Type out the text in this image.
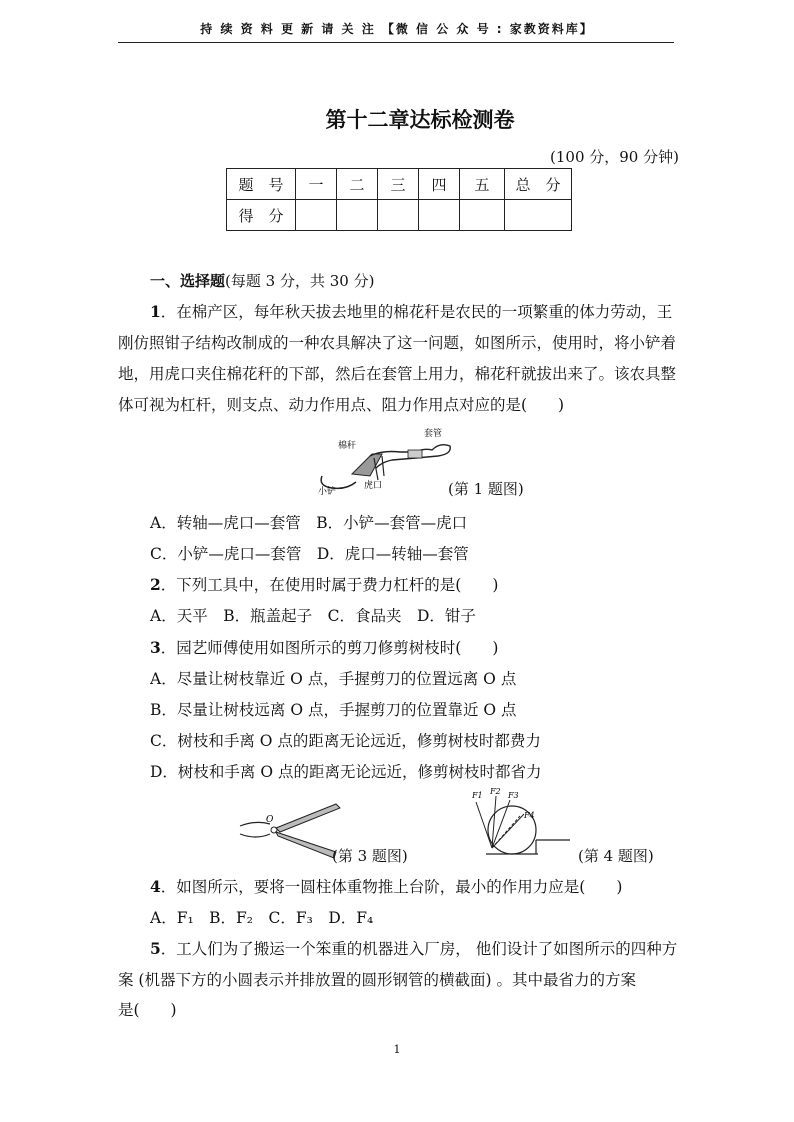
持 续 资 料 更 新 请 关 注 【微 信 公 众 号 : 家教资料库】
第十二章达标检测卷
(100 分，90 分钟)
题　号	一	二	三	四	五	总　分
得　分						
一、选择题(每题 3 分，共 30 分)
1．在棉产区，每年秋天拔去地里的棉花秆是农民的一项繁重的体力劳动，王刚仿照钳子结构改制成的一种农具解决了这一问题，如图所示，使用时，将小铲着地，用虎口夹住棉花秆的下部，然后在套管上用力，棉花秆就拔出来了。该农具整体可视为杠杆，则支点、动力作用点、阻力作用点对应的是(　　)
棉秆
套管
小铲
虎口	(第 1 题图)
A．转轴—虎口—套管　B．小铲—套管—虎口
C．小铲—虎口—套管　D．虎口—转轴—套管
2．下列工具中，在使用时属于费力杠杆的是(　　)
A．天平　B．瓶盖起子　C．食品夹　D．钳子
3．园艺师傅使用如图所示的剪刀修剪树枝时(　　)
A．尽量让树枝靠近 O 点，手握剪刀的位置远离 O 点
B．尽量让树枝远离 O 点，手握剪刀的位置靠近 O 点
C．树枝和手离 O 点的距离无论远近，修剪树枝时都费力
D．树枝和手离 O 点的距离无论远近，修剪树枝时都省力
O
(第 3 题图)
F1 F2 F3
F4
(第 4 题图)
4．如图所示，要将一圆柱体重物推上台阶，最小的作用力应是(　　)
A．F₁　B．F₂　C．F₃　D．F₄
5．工人们为了搬运一个笨重的机器进入厂房， 他们设计了如图所示的四种方案 (机器下方的小圆表示并排放置的圆形钢管的横截面) 。其中最省力的方案
是(　　)
1
